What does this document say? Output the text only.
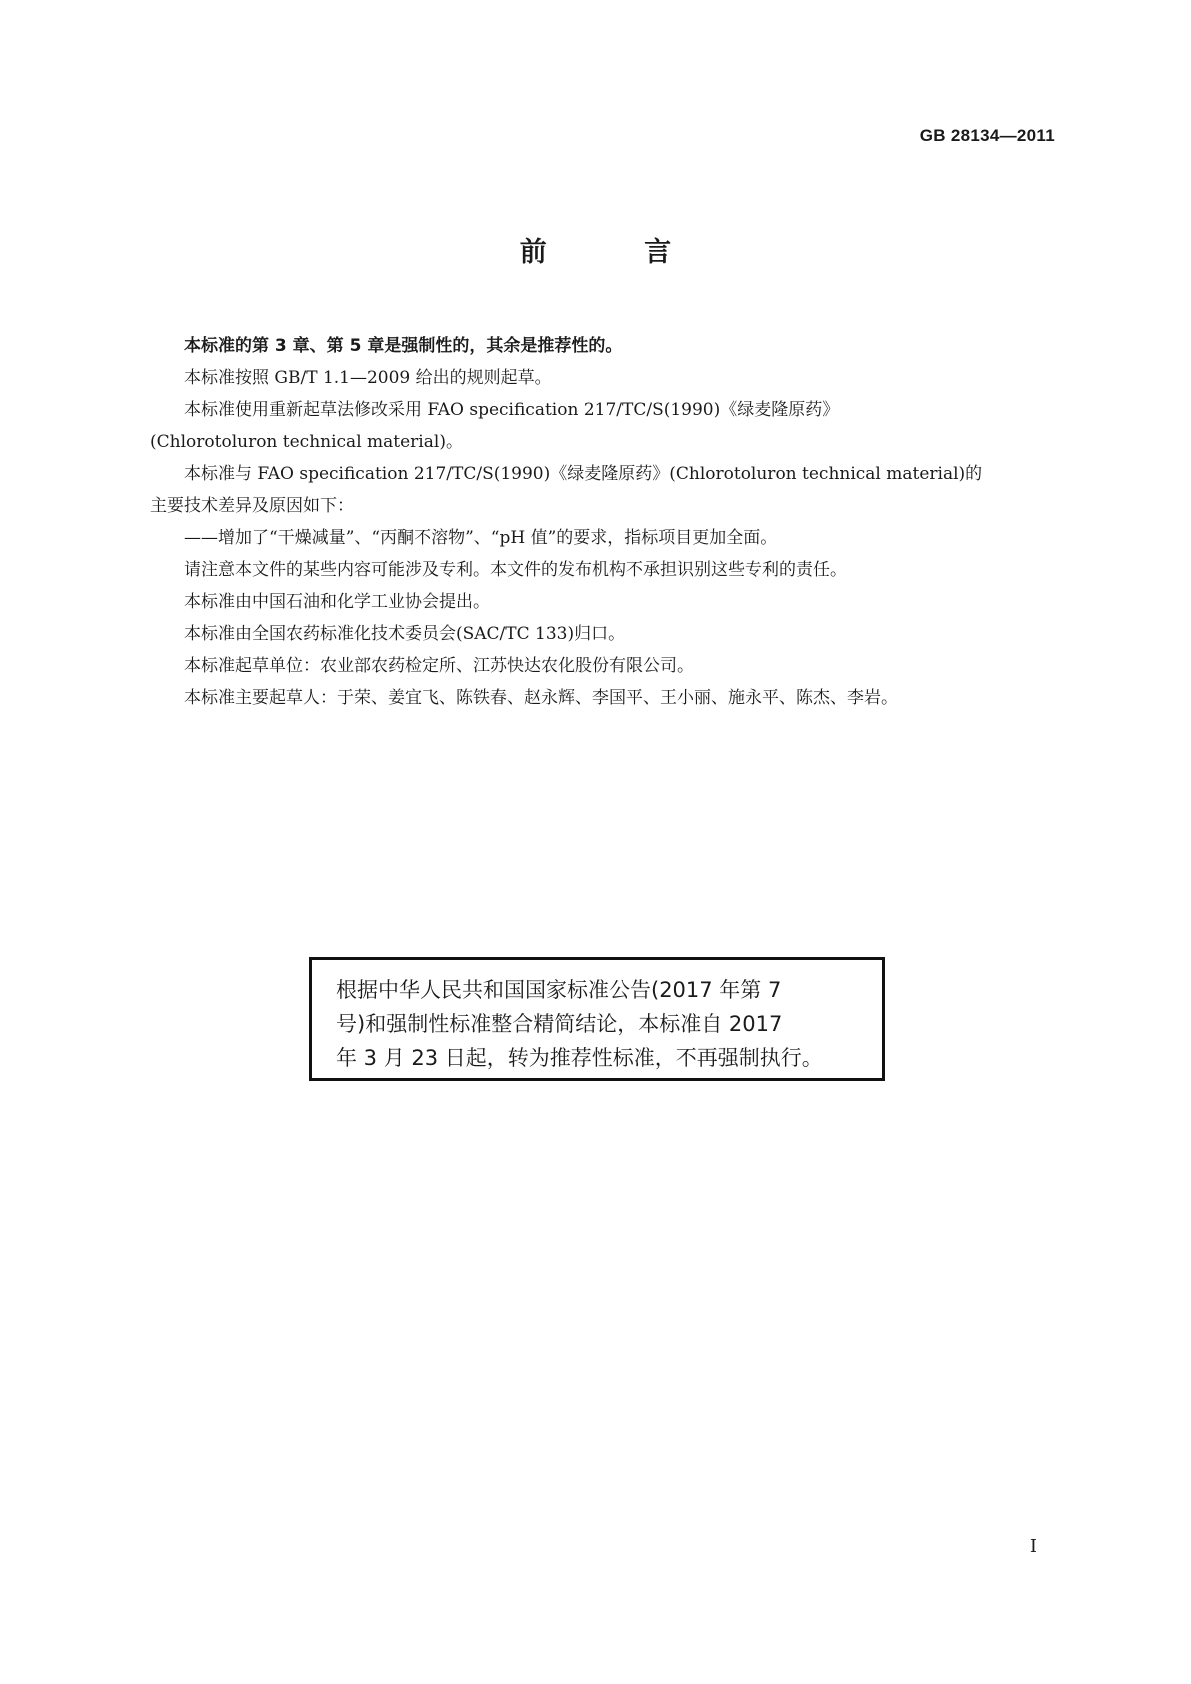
GB 28134—2011
前 言

本标准的第 3 章、第 5 章是强制性的，其余是推荐性的。

本标准按照 GB/T 1.1—2009 给出的规则起草。

本标准使用重新起草法修改采用 FAO specification 217/TC/S(1990)《绿麦隆原药》

(Chlorotoluron technical material)。

本标准与 FAO specification 217/TC/S(1990)《绿麦隆原药》(Chlorotoluron technical material)的

主要技术差异及原因如下：

——增加了“干燥减量”、“丙酮不溶物”、“pH 值”的要求，指标项目更加全面。

请注意本文件的某些内容可能涉及专利。本文件的发布机构不承担识别这些专利的责任。

本标准由中国石油和化学工业协会提出。

本标准由全国农药标准化技术委员会(SAC/TC 133)归口。

本标准起草单位：农业部农药检定所、江苏快达农化股份有限公司。

本标准主要起草人：于荣、姜宜飞、陈铁春、赵永辉、李国平、王小丽、施永平、陈杰、李岩。

根据中华人民共和国国家标准公告(2017 年第 7
号)和强制性标准整合精简结论，本标准自 2017
年 3 月 23 日起，转为推荐性标准，不再强制执行。
I
